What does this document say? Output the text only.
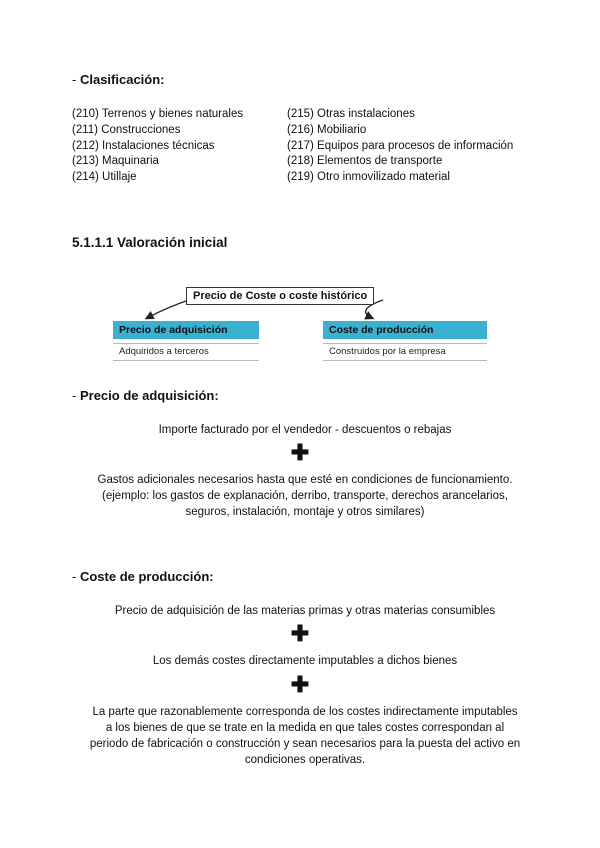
- Clasificación:
(210) Terrenos y bienes naturales
(211) Construcciones
(212) Instalaciones técnicas
(213) Maquinaria
(214) Utillaje
(215) Otras instalaciones
(216) Mobiliario
(217) Equipos para procesos de información
(218) Elementos de transporte
(219) Otro inmovilizado material
5.1.1.1 Valoración inicial
Precio de Coste o coste histórico
Precio de adquisición
Adquiridos a terceros
Coste de producción
Construidos por la empresa
- Precio de adquisición:
Importe facturado por el vendedor - descuentos o rebajas
✚
Gastos adicionales necesarios hasta que esté en condiciones de funcionamiento.
(ejemplo: los gastos de explanación, derribo, transporte, derechos arancelarios,
seguros, instalación, montaje y otros similares)
- Coste de producción:
Precio de adquisición de las materias primas y otras materias consumibles
✚
Los demás costes directamente imputables a dichos bienes
✚
La parte que razonablemente corresponda de los costes indirectamente imputables
a los bienes de que se trate en la medida en que tales costes correspondan al
periodo de fabricación o construcción y sean necesarios para la puesta del activo en
condiciones operativas.
